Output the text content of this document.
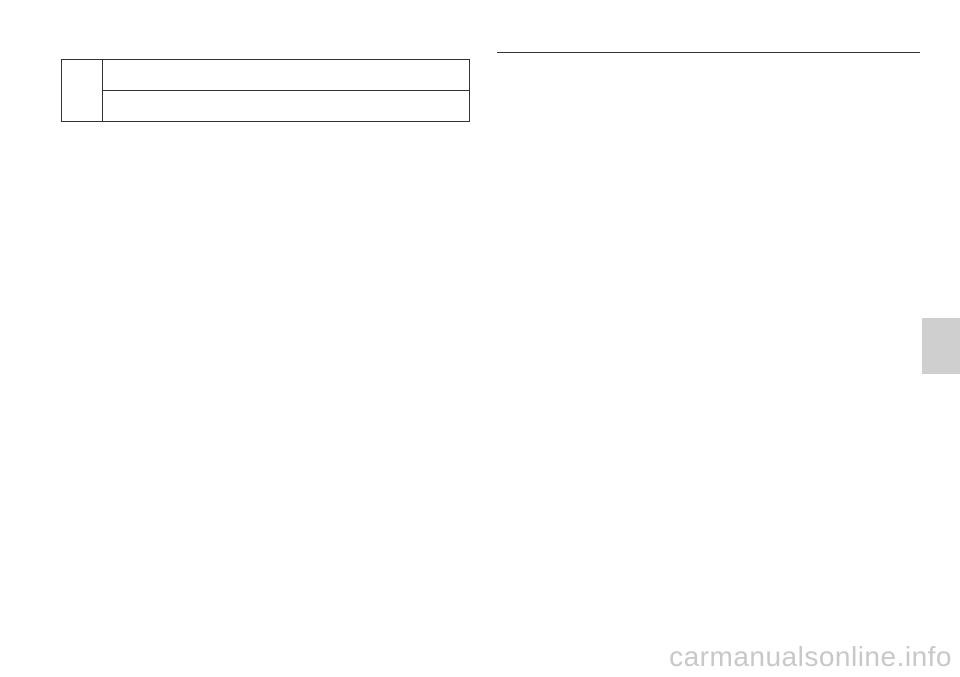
carmanualsonline.info
